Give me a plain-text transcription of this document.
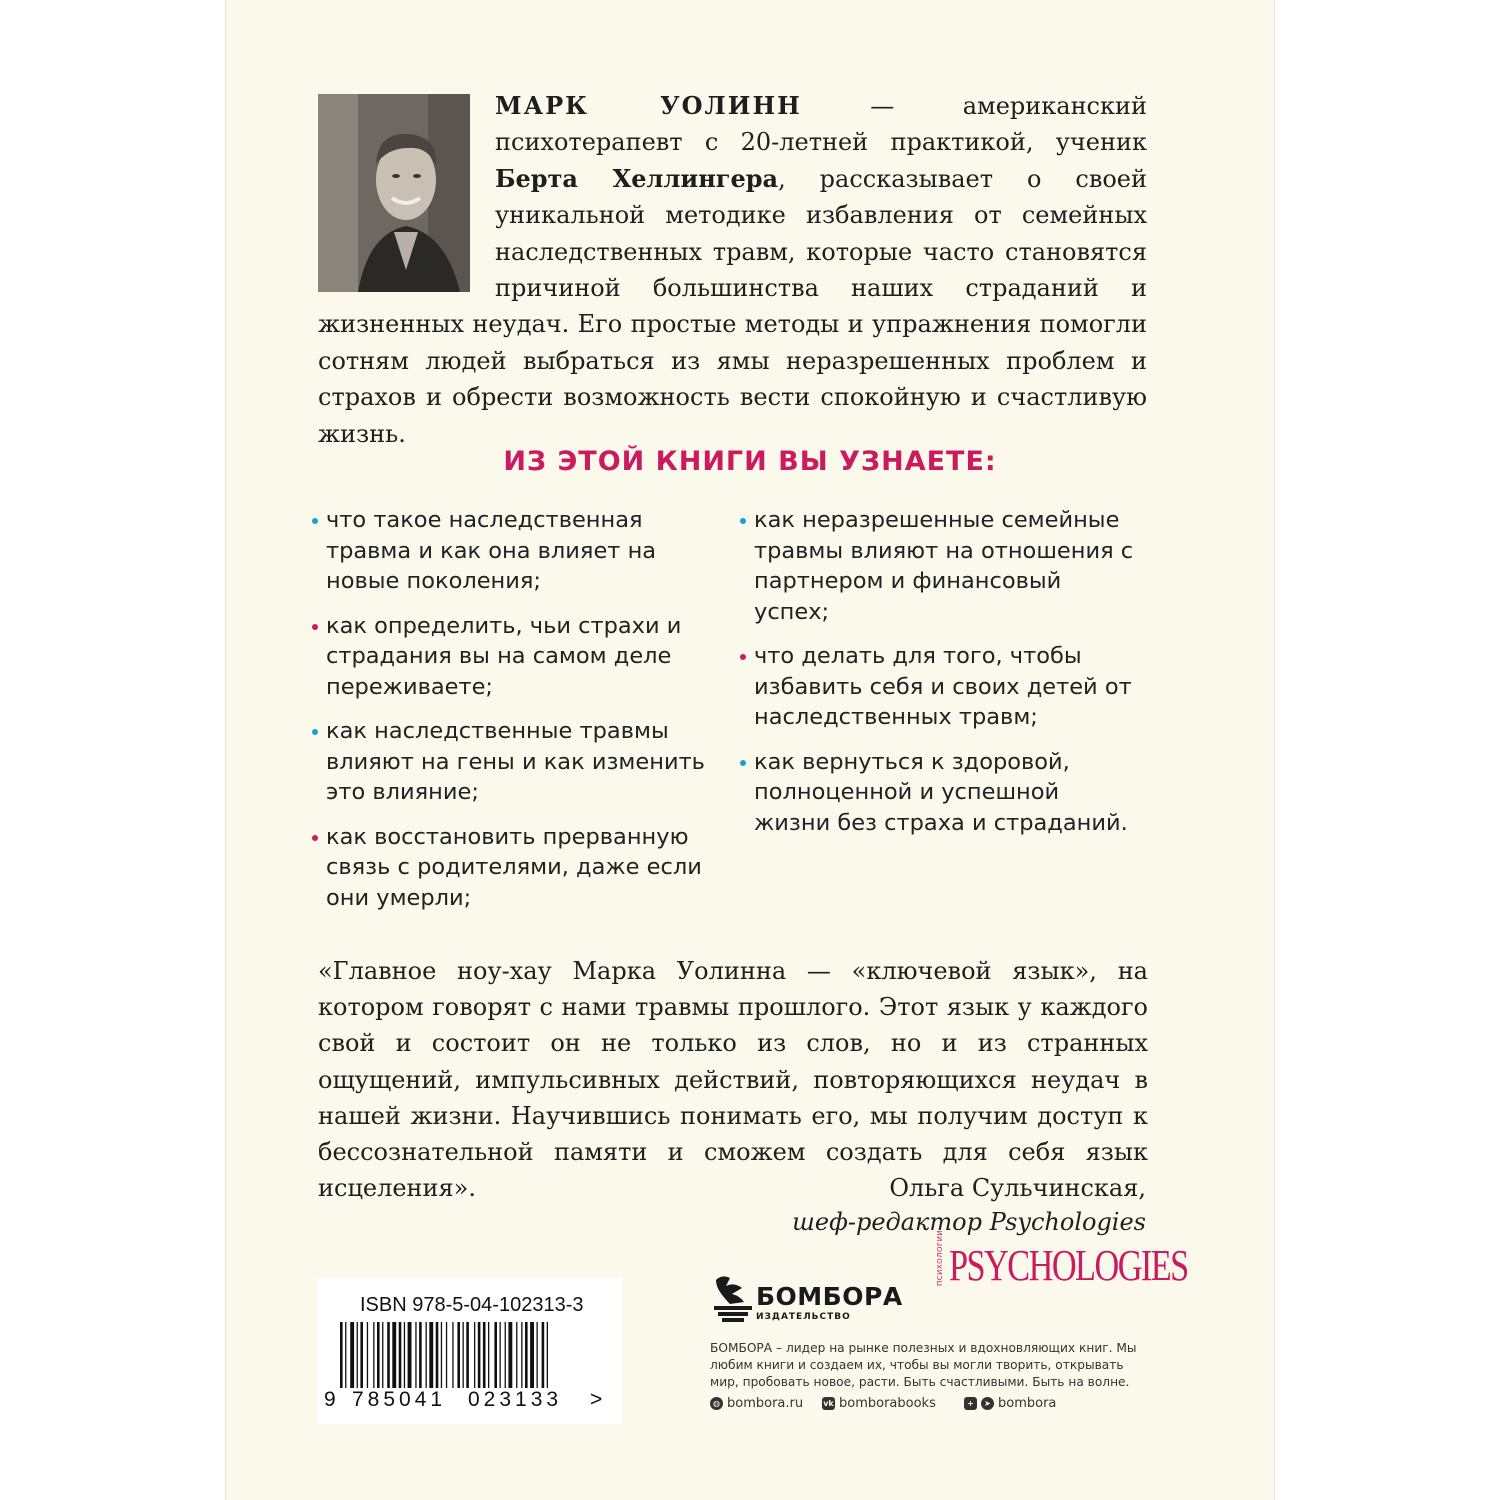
МАРК УОЛИНН — американский психотерапевт с 20-летней практикой, ученик Берта Хеллингера, рассказывает о своей уникальной методике избавления от семейных наследственных травм, которые часто становятся причиной большинства наших страданий и жизненных неудач. Его простые методы и упражнения помогли сотням людей выбраться из ямы неразрешенных проблем и страхов и обрести возможность вести спокойную и счастливую жизнь.
ИЗ ЭТОЙ КНИГИ ВЫ УЗНАЕТЕ:
что такое наследственная травма и как она влияет на новые поколения;
как определить, чьи страхи и страдания вы на самом деле переживаете;
как наследственные травмы влияют на гены и как изменить это влияние;
как восстановить прерванную связь с родителями, даже если они умерли;
как неразрешенные семейные травмы влияют на отношения с партнером и финансовый успех;
что делать для того, чтобы избавить себя и своих детей от наследственных травм;
как вернуться к здоровой, полноценной и успешной жизни без страха и страданий.
«Главное ноу-хау Марка Уолинна — «ключевой язык», на котором говорят с нами травмы прошлого. Этот язык у каждого свой и состоит он не только из слов, но и из странных ощущений, импульсивных действий, повторяющихся неудач в нашей жизни. Научившись понимать его, мы получим доступ к бессознательной памяти и сможем создать для себя язык исцеления».	Ольга Сульчинская,
шеф-редактор Psychologies
ПСИХОЛОГИИ PSYCHOLOGIES
ISBN 978-5-04-102313-3
9 785041 023133 >
БОМБОРА
ИЗДАТЕЛЬСТВО
БОМБОРА – лидер на рынке полезных и вдохновляющих книг. Мы любим книги и создаем их, чтобы вы могли творить, открывать мир, пробовать новое, расти. Быть счастливыми. Быть на волне.
◍ bombora.ru	vk bomborabooks	+	➤ bombora
